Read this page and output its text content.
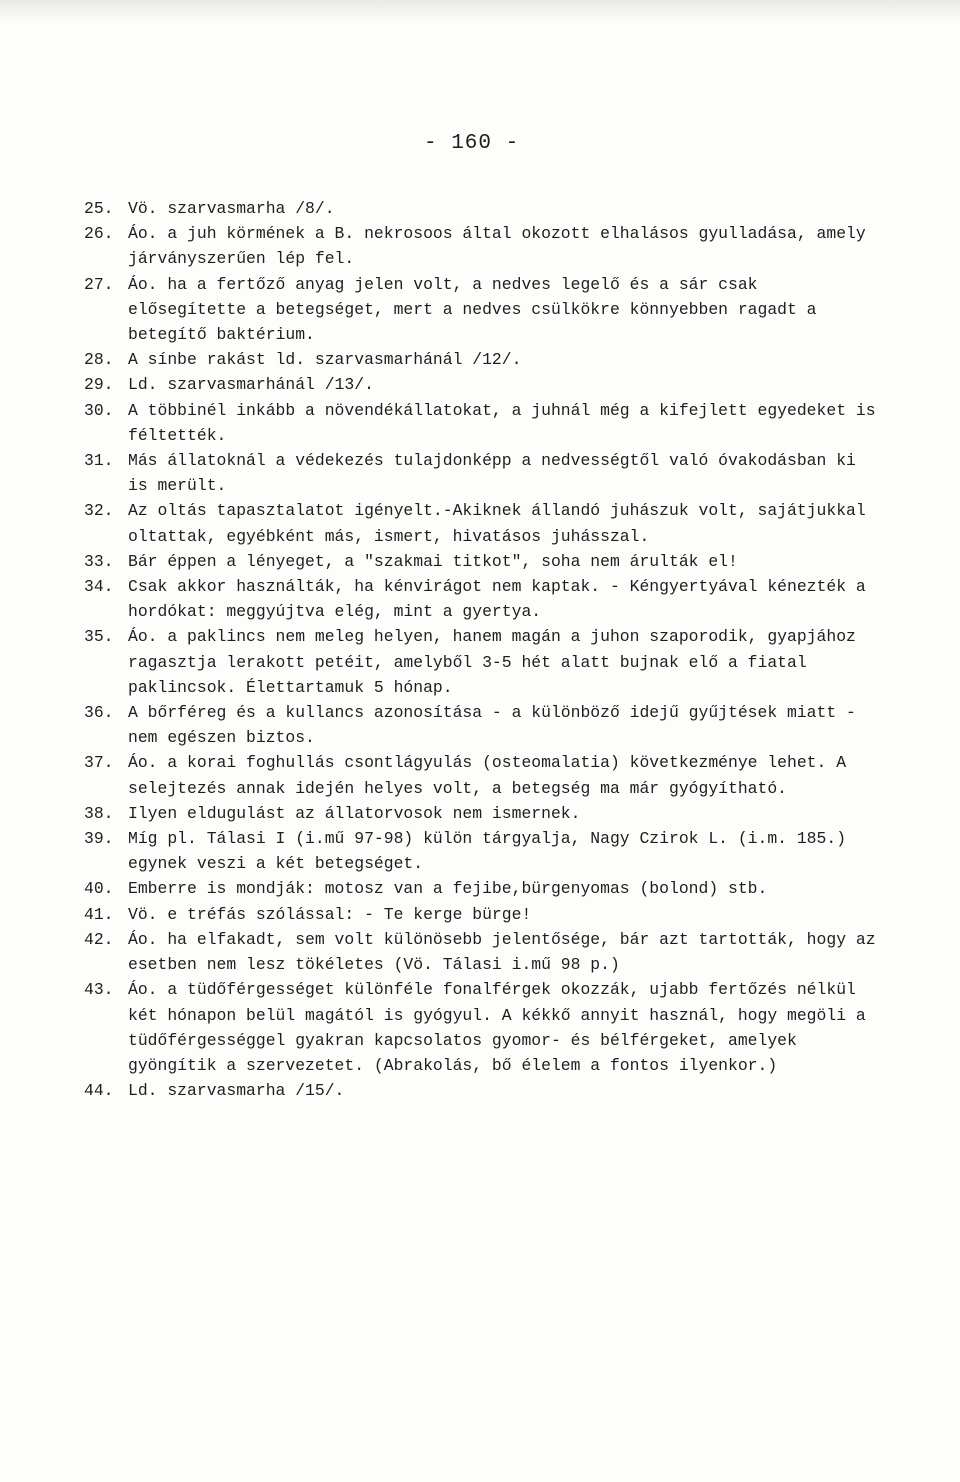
- 160 -
25. Vö. szarvasmarha /8/.
26. Áo. a juh körmének a B. nekrosoos által okozott elhalásos gyulladása, amely járványszerűen lép fel.
27. Áo. ha a fertőző anyag jelen volt, a nedves legelő és a sár csak elősegítette a betegséget, mert a nedves csülkökre könnyebben ragadt a betegítő baktérium.
28. A sínbe rakást ld. szarvasmarhánál /12/.
29. Ld. szarvasmarhánál /13/.
30. A többinél inkább a növendékállatokat, a juhnál még a kifejlett egyedeket is féltették.
31. Más állatoknál a védekezés tulajdonképp a nedvességtől való óvakodásban ki is merült.
32. Az oltás tapasztalatot igényelt.-Akiknek állandó juhászuk volt, sajátjukkal oltattak, egyébként más, ismert, hivatásos juhásszal.
33. Bár éppen a lényeget, a "szakmai titkot", soha nem árulták el!
34. Csak akkor használták, ha kénvirágot nem kaptak. - Kéngyertyával kénezték a hordókat: meggyújtva elég, mint a gyertya.
35. Áo. a paklincs nem meleg helyen, hanem magán a juhon szaporodik, gyapjához ragasztja lerakott petéit, amelyből 3-5 hét alatt bujnak elő a fiatal paklincsok. Élettartamuk 5 hónap.
36. A bőrféreg és a kullancs azonosítása - a különböző idejű gyűjtések miatt - nem egészen biztos.
37. Áo. a korai foghullás csontlágyulás (osteomalatia) következménye lehet. A selejtezés annak idején helyes volt, a betegség ma már gyógyítható.
38. Ilyen eldugulást az állatorvosok nem ismernek.
39. Míg pl. Tálasi I (i.mű 97-98) külön tárgyalja, Nagy Czirok L. (i.m. 185.) egynek veszi a két betegséget.
40. Emberre is mondják: motosz van a fejibe,bürgenyomas (bolond) stb.
41. Vö. e tréfás szólással: - Te kerge bürge!
42. Áo. ha elfakadt, sem volt különösebb jelentősége, bár azt tartották, hogy az esetben nem lesz tökéletes (Vö. Tálasi i.mű 98 p.)
43. Áo. a tüdőférgességet különféle fonalférgek okozzák, ujabb fertőzés nélkül két hónapon belül magától is gyógyul. A kékkő annyit használ, hogy megöli a tüdőférgességgel gyakran kapcsolatos gyomor- és bélférgeket, amelyek gyöngítik a szervezetet. (Abrakolás, bő élelem a fontos ilyenkor.)
44. Ld. szarvasmarha /15/.
